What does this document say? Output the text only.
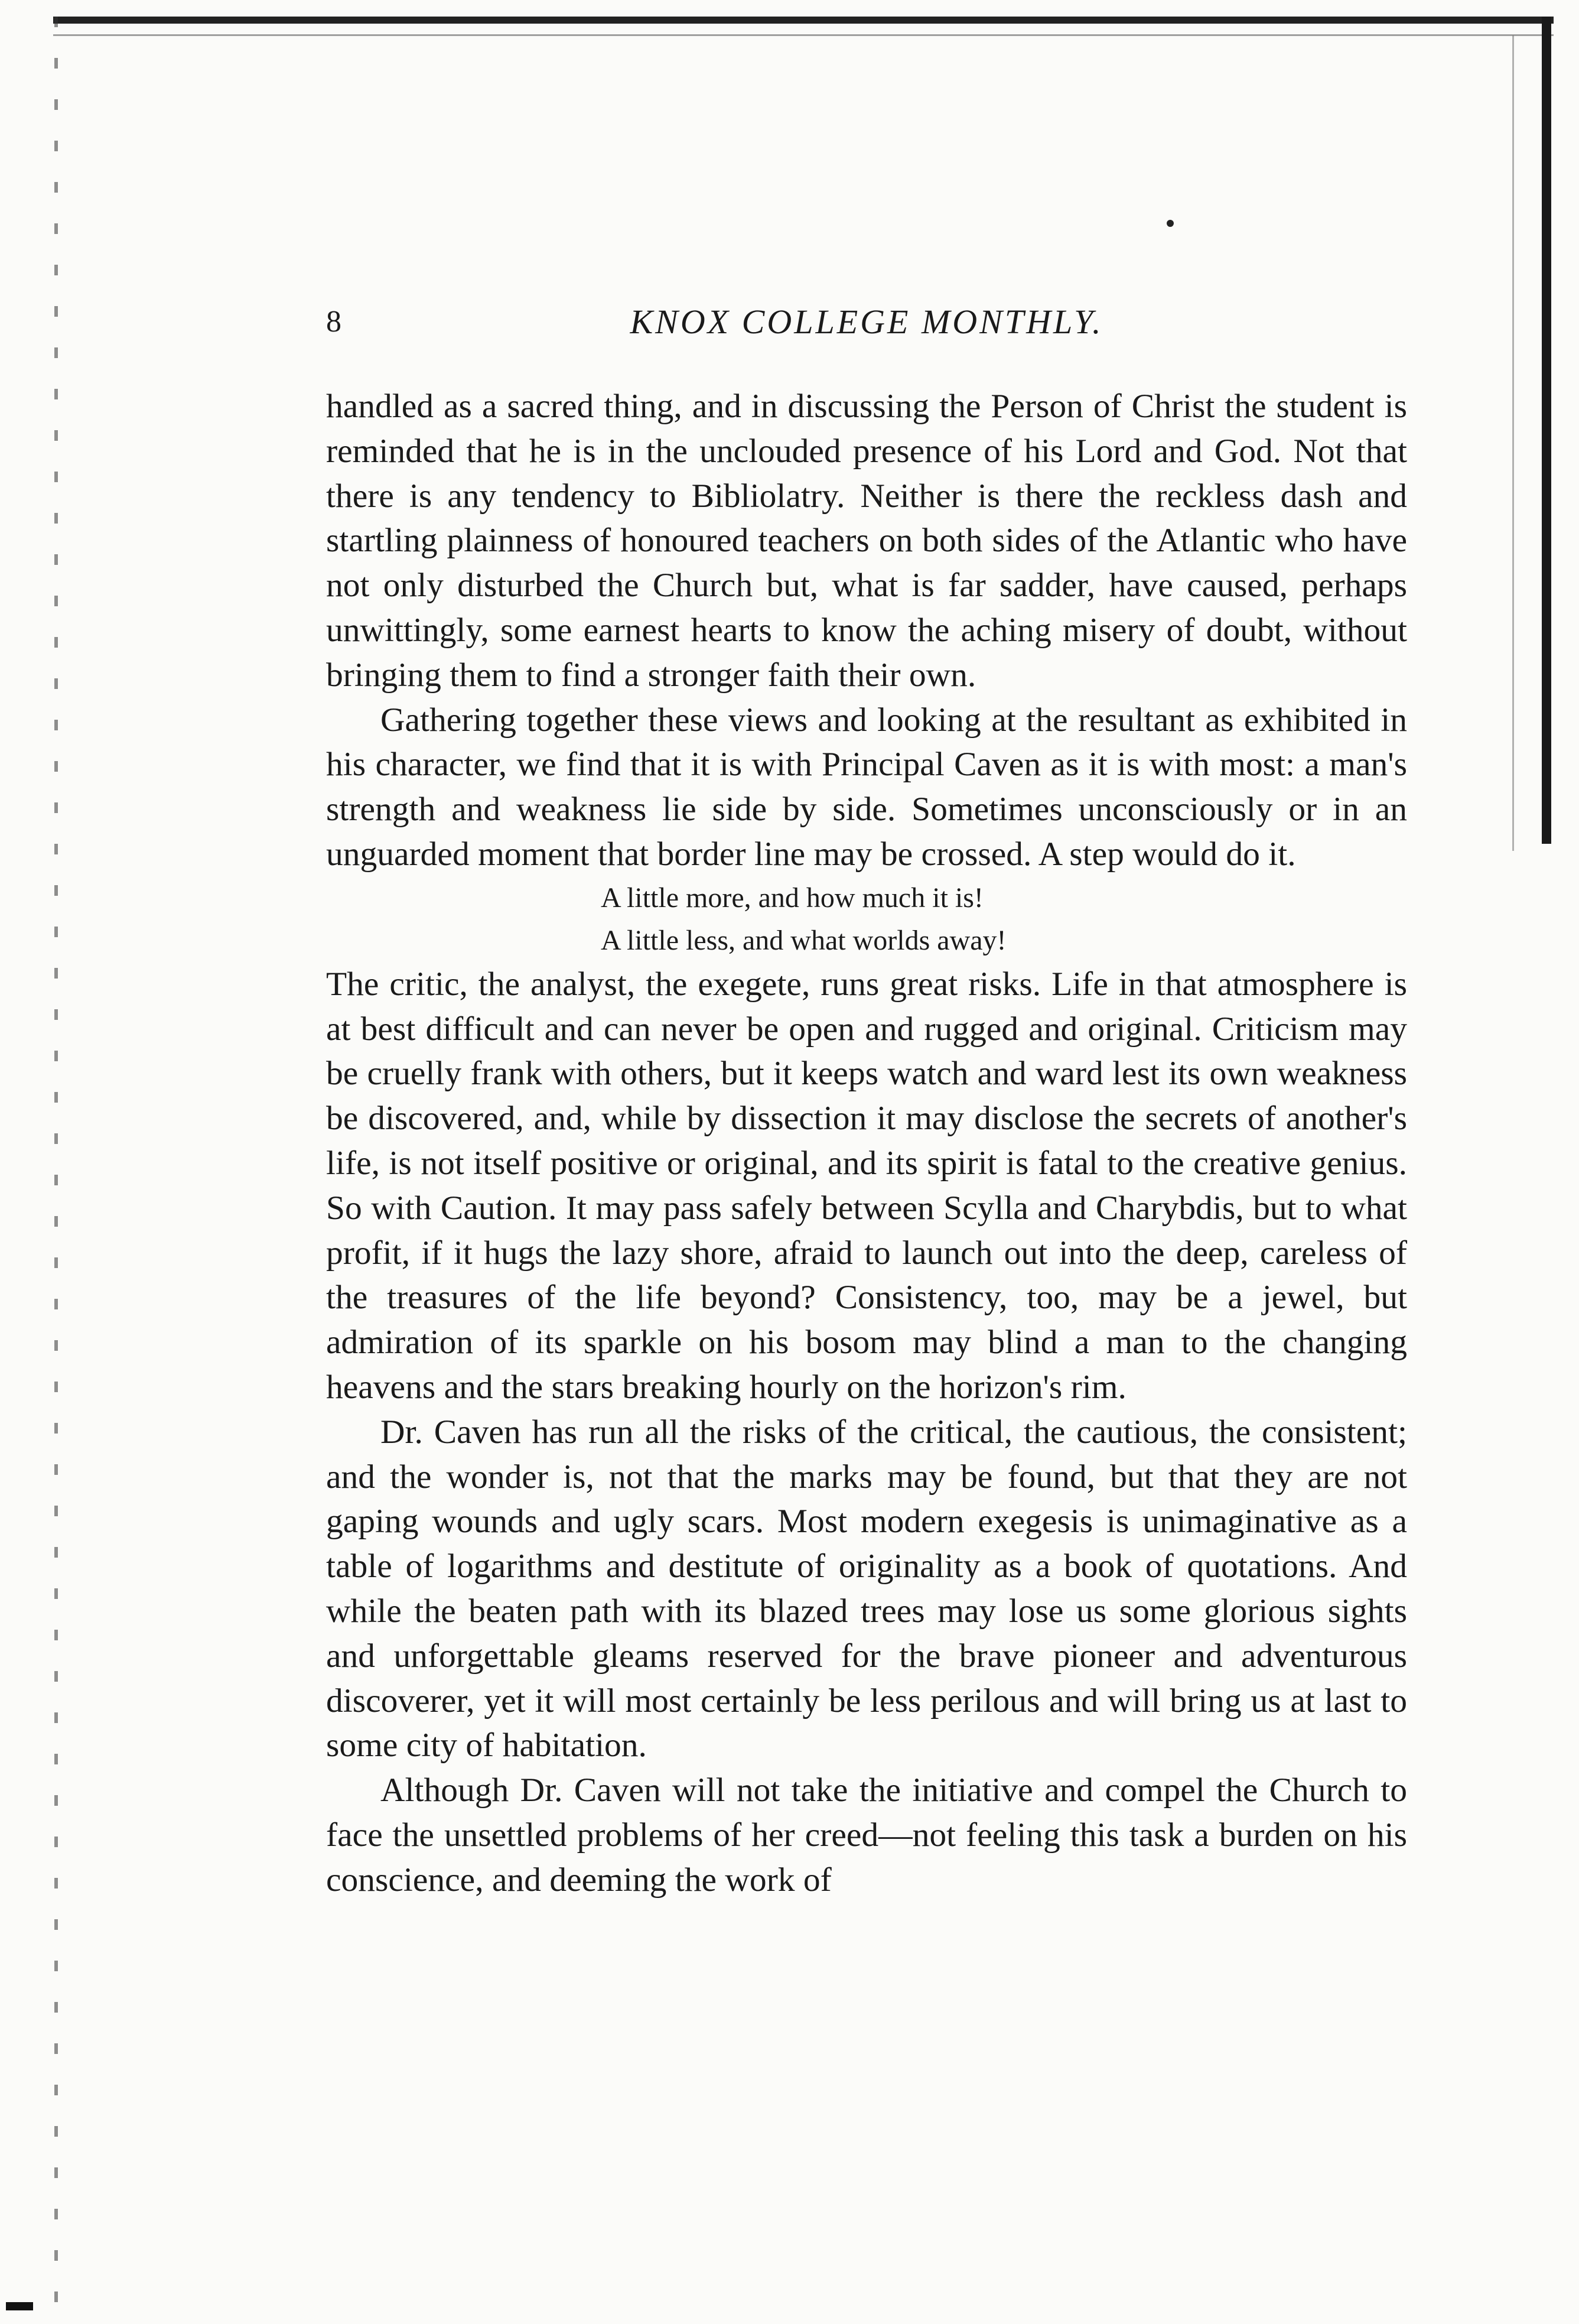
8	KNOX COLLEGE MONTHLY.

handled as a sacred thing, and in discussing the Person of Christ the student is reminded that he is in the unclouded presence of his Lord and God. Not that there is any tendency to Bibliolatry. Neither is there the reckless dash and startling plainness of honoured teachers on both sides of the Atlantic who have not only disturbed the Church but, what is far sadder, have caused, perhaps unwittingly, some earnest hearts to know the aching misery of doubt, without bringing them to find a stronger faith their own.

Gathering together these views and looking at the resultant as exhibited in his character, we find that it is with Principal Caven as it is with most: a man's strength and weakness lie side by side. Sometimes unconsciously or in an unguarded moment that border line may be crossed. A step would do it.

A little more, and how much it is!
A little less, and what worlds away!

The critic, the analyst, the exegete, runs great risks. Life in that atmosphere is at best difficult and can never be open and rugged and original. Criticism may be cruelly frank with others, but it keeps watch and ward lest its own weakness be discovered, and, while by dissection it may disclose the secrets of another's life, is not itself positive or original, and its spirit is fatal to the creative genius. So with Caution. It may pass safely between Scylla and Charybdis, but to what profit, if it hugs the lazy shore, afraid to launch out into the deep, careless of the treasures of the life beyond? Consistency, too, may be a jewel, but admiration of its sparkle on his bosom may blind a man to the changing heavens and the stars breaking hourly on the horizon's rim.

Dr. Caven has run all the risks of the critical, the cautious, the consistent; and the wonder is, not that the marks may be found, but that they are not gaping wounds and ugly scars. Most modern exegesis is unimaginative as a table of logarithms and destitute of originality as a book of quotations. And while the beaten path with its blazed trees may lose us some glorious sights and unforgettable gleams reserved for the brave pioneer and adventurous discoverer, yet it will most certainly be less perilous and will bring us at last to some city of habitation.

Although Dr. Caven will not take the initiative and compel the Church to face the unsettled problems of her creed—not feeling this task a burden on his conscience, and deeming the work of
